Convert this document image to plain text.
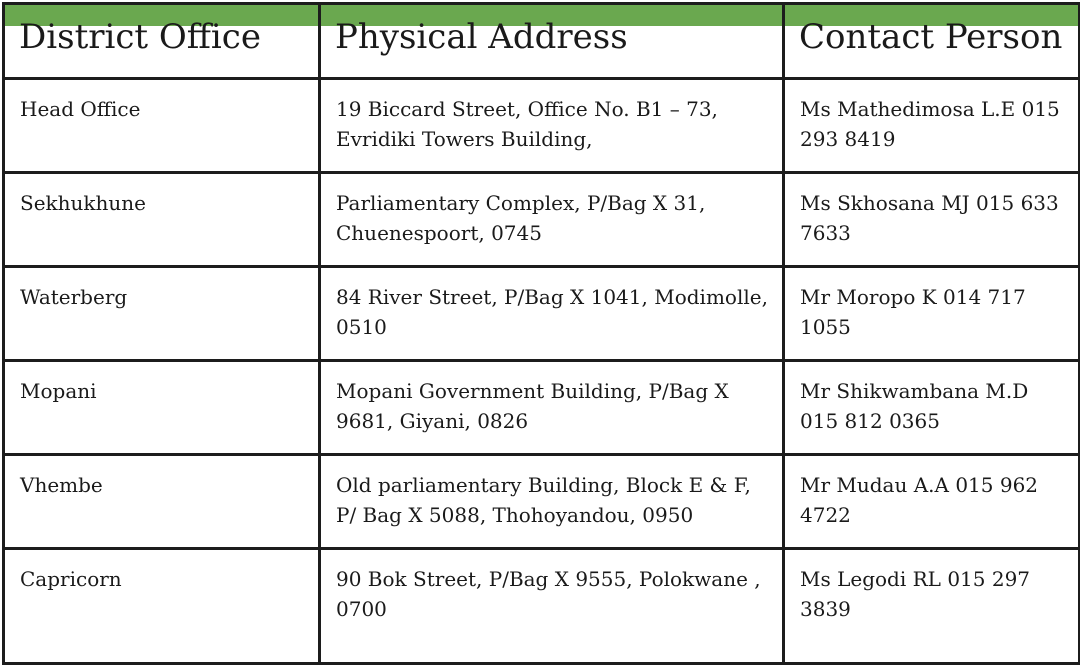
District Office	Physical Address	Contact Person
Head Office	19 Biccard Street, Office No. B1 – 73, Evridiki Towers Building,	Ms Mathedimosa L.E 015 293 8419
Sekhukhune	Parliamentary Complex, P/Bag X 31, Chuenespoort, 0745	Ms Skhosana MJ 015 633 7633
Waterberg	84 River Street, P/Bag X 1041, Modimolle, 0510	Mr Moropo K 014 717 1055
Mopani	Mopani Government Building, P/Bag X 9681, Giyani, 0826	Mr Shikwambana M.D 015 812 0365
Vhembe	Old parliamentary Building, Block E & F, P/ Bag X 5088, Thohoyandou, 0950	Mr Mudau A.A 015 962 4722
Capricorn	90 Bok Street, P/Bag X 9555, Polokwane , 0700	Ms Legodi RL 015 297 3839
